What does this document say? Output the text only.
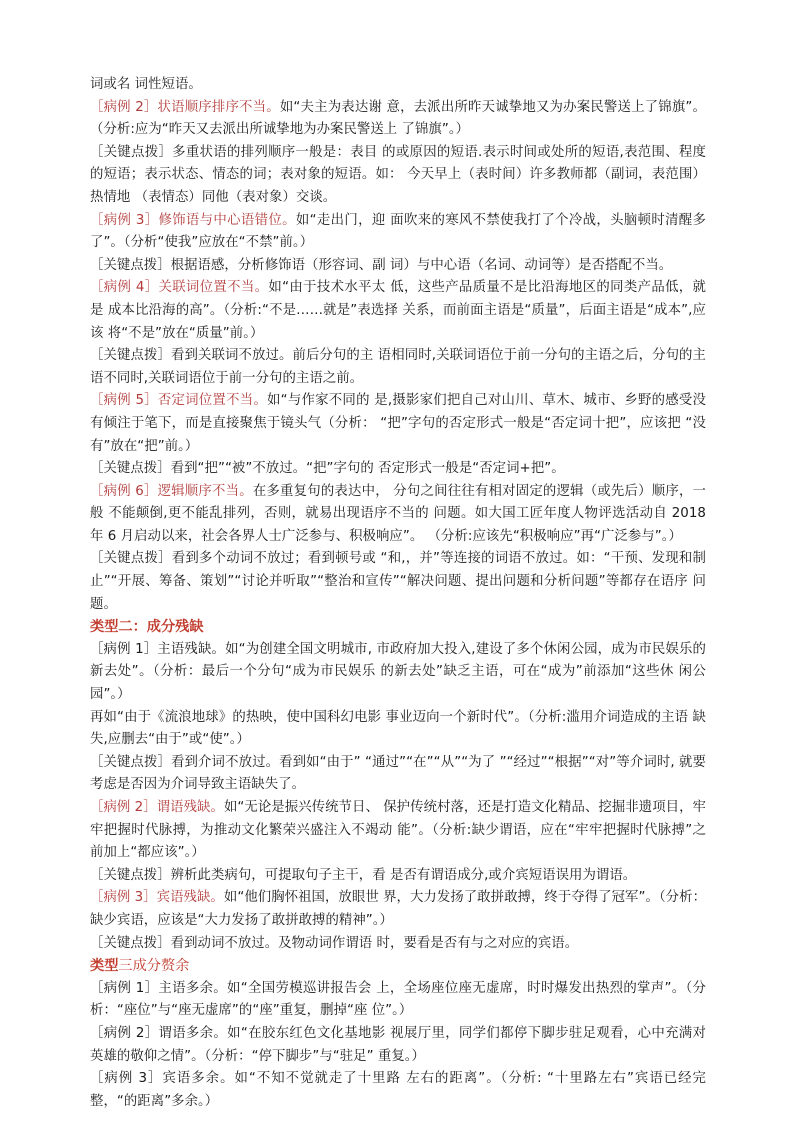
词或名 词性短语。

［病例 2］状语顺序排序不当。如“夫主为表达谢 意，去派出所昨天诚挚地又为办案民警送上了锦旗”。（分析:应为“昨天又去派出所诚挚地为办案民警送上 了锦旗”。）

［关键点拨］多重状语的排列顺序一般是：表目 的或原因的短语.表示时间或处所的短语,表范围、程度的短语；表示状态、情态的词；表对象的短语。如： 今天早上（表时间）许多教师都（副词，表范围）热情地 （表情态）同他（表对象）交谈。

［病例 3］修饰语与中心语错位。如“走出门，迎 面吹来的寒风不禁使我打了个冷战，头脑顿时清醒多 了”。（分析“使我”应放在“不禁”前。）

［关键点拨］根据语感，分析修饰语（形容词、副 词）与中心语（名词、动词等）是否搭配不当。

［病例 4］关联词位置不当。如“由于技术水平太 低，这些产品质量不是比沿海地区的同类产品低，就 是 成本比沿海的高”。（分析:“不是……就是”表选择 关系，而前面主语是“质量”，后面主语是“成本”,应该 将“不是”放在“质量”前。）

［关键点拨］看到关联词不放过。前后分句的主 语相同时,关联词语位于前一分句的主语之后，分句的主语不同时,关联词语位于前一分句的主语之前。

［病例 5］否定词位置不当。如“与作家不同的 是,摄影家们把自己对山川、草木、城市、乡野的感受没有倾注于笔下，而是直接聚焦于镜头气（分析： “把”字句的否定形式一般是“否定词十把”，应该把 “没有”放在“把”前。）

［关键点拨］看到“把”“被”不放过。“把”字句的 否定形式一般是“否定词+把”。

［病例 6］逻辑顺序不当。在多重复句的表达中， 分句之间往往有相对固定的逻辑（或先后）顺序，一般 不能颠倒,更不能乱排列，否则，就易出现语序不当的 问题。如大国工匠年度人物评选活动自 2018 年 6 月启动以来，社会各界人士广泛参与、积极响应”。 （分析:应该先“积极响应”再“广泛参与”。）

［关键点拨］看到多个动词不放过；看到顿号或 “和,，并”等连接的词语不放过。如：“干预、发现和制 止”“开展、筹备、策划”“讨论并听取”“整治和宣传”“解决问题、提出问题和分析问题”等都存在语序 问题。

类型二：成分残缺

［病例 1］主语残缺。如“为创建全国文明城市, 市政府加大投入,建设了多个休闲公园，成为市民娱乐的新去处”。（分析：最后一个分句“成为市民娱乐 的新去处”缺乏主语，可在“成为”前添加“这些休 闲公园”。）

再如“由于《流浪地球》的热映，使中国科幻电影 事业迈向一个新时代”。（分析:滥用介词造成的主语 缺失,应删去“由于”或“使”。）

［关键点拨］看到介词不放过。看到如“由于” “通过”“在”“从”“为了 ”“经过”“根据”“对”等介词时, 就要考虑是否因为介词导致主语缺失了。

［病例 2］谓语残缺。如“无论是振兴传统节日、 保护传统村落，还是打造文化精品、挖掘非遗项目，牢 牢把握时代脉搏，为推动文化繁荣兴盛注入不竭动 能”。（分析:缺少谓语，应在“牢牢把握时代脉搏”之 前加上“都应该”。）

［关键点拨］辨析此类病句，可提取句子主干，看 是否有谓语成分,或介宾短语误用为谓语。

［病例 3］宾语残缺。如“他们胸怀祖国，放眼世 界，大力发扬了敢拼敢搏，终于夺得了冠军”。（分析： 缺少宾语，应该是“大力发扬了敢拼敢搏的精神”。）

［关键点拨］看到动词不放过。及物动词作谓语 时，要看是否有与之对应的宾语。

类型三成分赘余

［病例 1］主语多余。如“全国劳模巡讲报告会 上，全场座位座无虚席，时时爆发出热烈的掌声”。（分析：“座位”与“座无虚席”的“座”重复，删掉“座 位”。）

［病例 2］谓语多余。如“在胶东红色文化基地影 视展厅里，同学们都停下脚步驻足观看，心中充满对 英雄的敬仰之情”。（分析：“停下脚步”与“驻足” 重复。）

［病例 3］宾语多余。如“不知不觉就走了十里路 左右的距离”。（分析: “十里路左右”宾语已经完整，“的距离”多余。）
